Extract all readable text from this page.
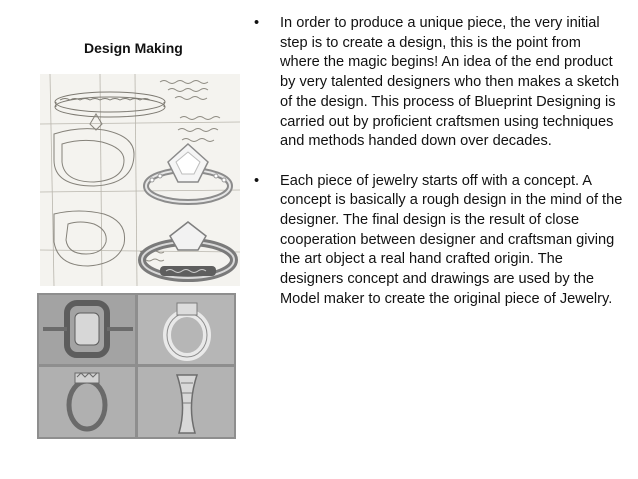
Design Making
•	In order to produce a unique piece, the very initial step is to create a design, this is the point from where the magic begins! An idea of the end product by very talented designers who then makes a sketch of the design. This process of Blueprint Designing is carried out by proficient craftsmen using techniques and methods handed down over decades.
•	Each piece of jewelry starts off with a concept. A concept is basically a rough design in the mind of the designer. The final design is the result of close cooperation between designer and craftsman giving the art object a real hand crafted origin. The designers concept and drawings are used by the Model maker to create the original piece of Jewelry.
